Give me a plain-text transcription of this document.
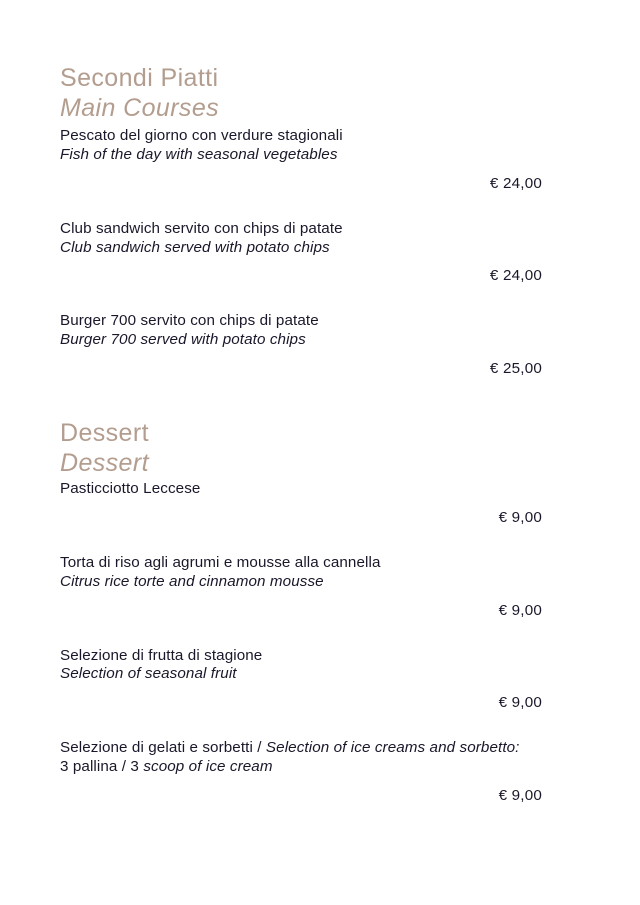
Secondi Piatti
Main Courses
Pescato del giorno con verdure stagionali
Fish of the day with seasonal vegetables
€ 24,00
Club sandwich servito con chips di patate
Club sandwich served with potato chips
€ 24,00
Burger 700 servito con chips di patate
Burger 700 served with potato chips
€ 25,00
Dessert
Dessert
Pasticciotto Leccese
€ 9,00
Torta di riso agli agrumi e mousse alla cannella
Citrus rice torte and cinnamon mousse
€ 9,00
Selezione di frutta di stagione
Selection of seasonal fruit
€ 9,00
Selezione di gelati e sorbetti / Selection of ice creams and sorbetto:
3 pallina / 3 scoop of ice cream
€ 9,00
